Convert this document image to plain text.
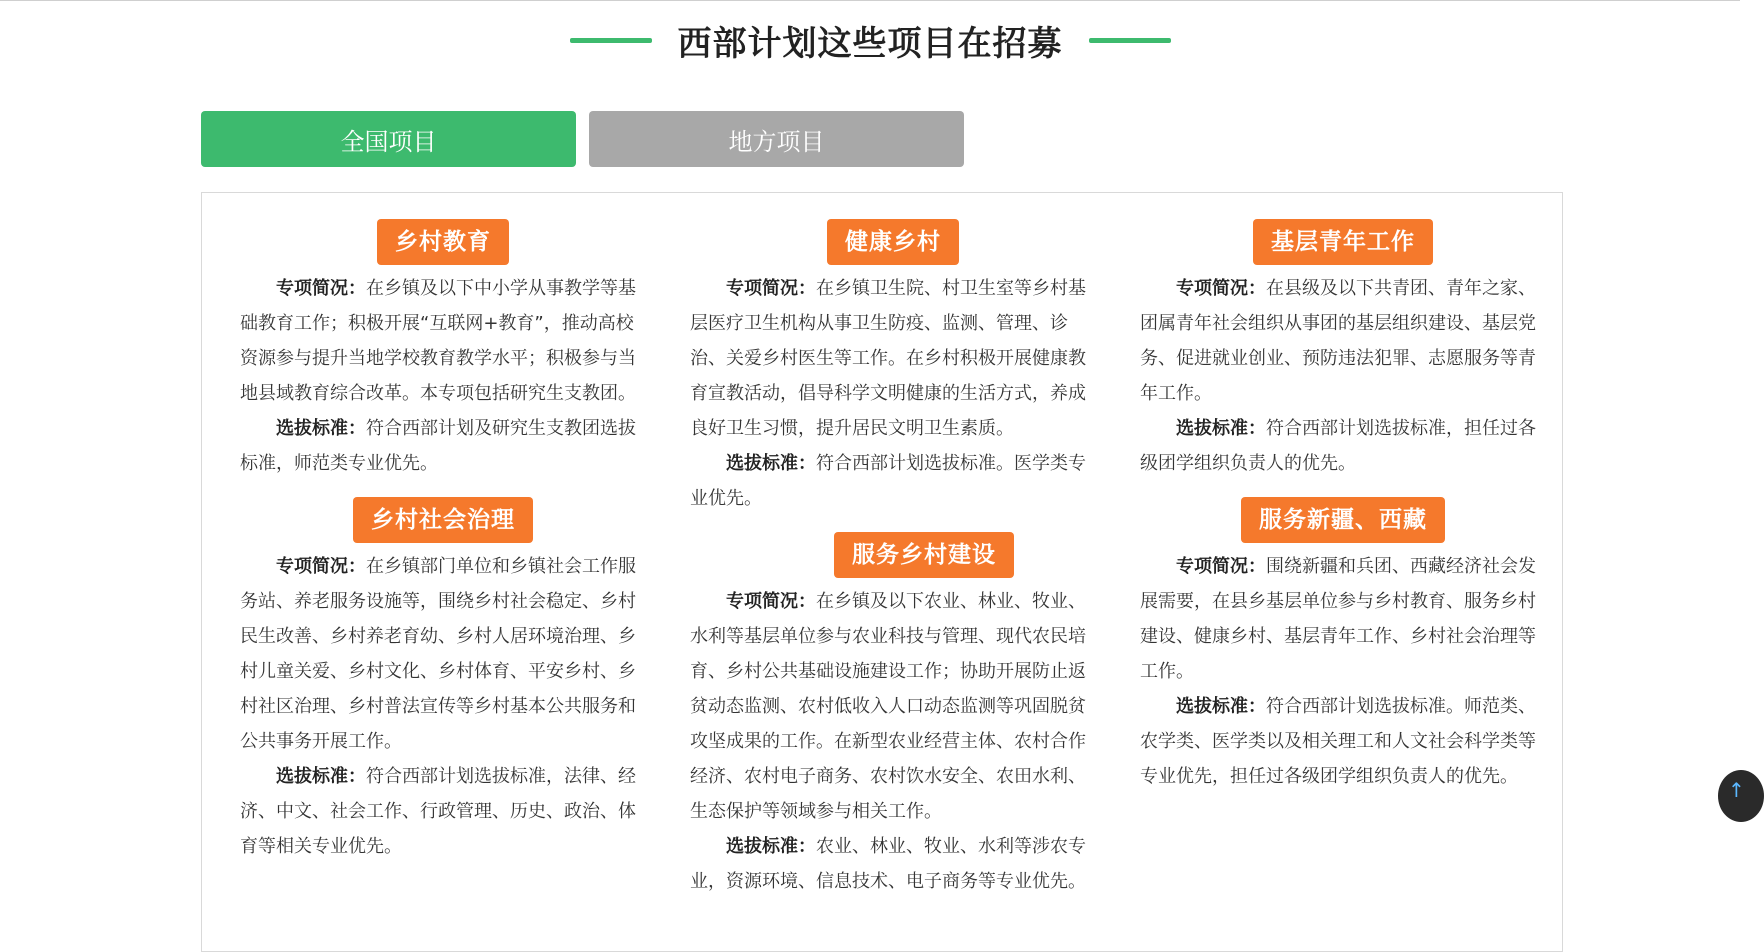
西部计划这些项目在招募
全国项目	地方项目
乡村教育

专项简况：在乡镇及以下中小学从事教学等基础教育工作；积极开展“互联网+教育”，推动高校资源参与提升当地学校教育教学水平；积极参与当地县域教育综合改革。本专项包括研究生支教团。

选拔标准：符合西部计划及研究生支教团选拔标准，师范类专业优先。

乡村社会治理

专项简况：在乡镇部门单位和乡镇社会工作服务站、养老服务设施等，围绕乡村社会稳定、乡村民生改善、乡村养老育幼、乡村人居环境治理、乡村儿童关爱、乡村文化、乡村体育、平安乡村、乡村社区治理、乡村普法宣传等乡村基本公共服务和公共事务开展工作。

选拔标准：符合西部计划选拔标准，法律、经济、中文、社会工作、行政管理、历史、政治、体育等相关专业优先。

健康乡村

专项简况：在乡镇卫生院、村卫生室等乡村基层医疗卫生机构从事卫生防疫、监测、管理、诊治、关爱乡村医生等工作。在乡村积极开展健康教育宣教活动，倡导科学文明健康的生活方式，养成良好卫生习惯，提升居民文明卫生素质。

选拔标准：符合西部计划选拔标准。医学类专业优先。

服务乡村建设

专项简况：在乡镇及以下农业、林业、牧业、水利等基层单位参与农业科技与管理、现代农民培育、乡村公共基础设施建设工作；协助开展防止返贫动态监测、农村低收入人口动态监测等巩固脱贫攻坚成果的工作。在新型农业经营主体、农村合作经济、农村电子商务、农村饮水安全、农田水利、生态保护等领域参与相关工作。

选拔标准：农业、林业、牧业、水利等涉农专业，资源环境、信息技术、电子商务等专业优先。

基层青年工作

专项简况：在县级及以下共青团、青年之家、团属青年社会组织从事团的基层组织建设、基层党务、促进就业创业、预防违法犯罪、志愿服务等青年工作。

选拔标准：符合西部计划选拔标准，担任过各级团学组织负责人的优先。

服务新疆、西藏

专项简况：围绕新疆和兵团、西藏经济社会发展需要，在县乡基层单位参与乡村教育、服务乡村建设、健康乡村、基层青年工作、乡村社会治理等工作。

选拔标准：符合西部计划选拔标准。师范类、农学类、医学类以及相关理工和人文社会科学类等专业优先，担任过各级团学组织负责人的优先。

↑
